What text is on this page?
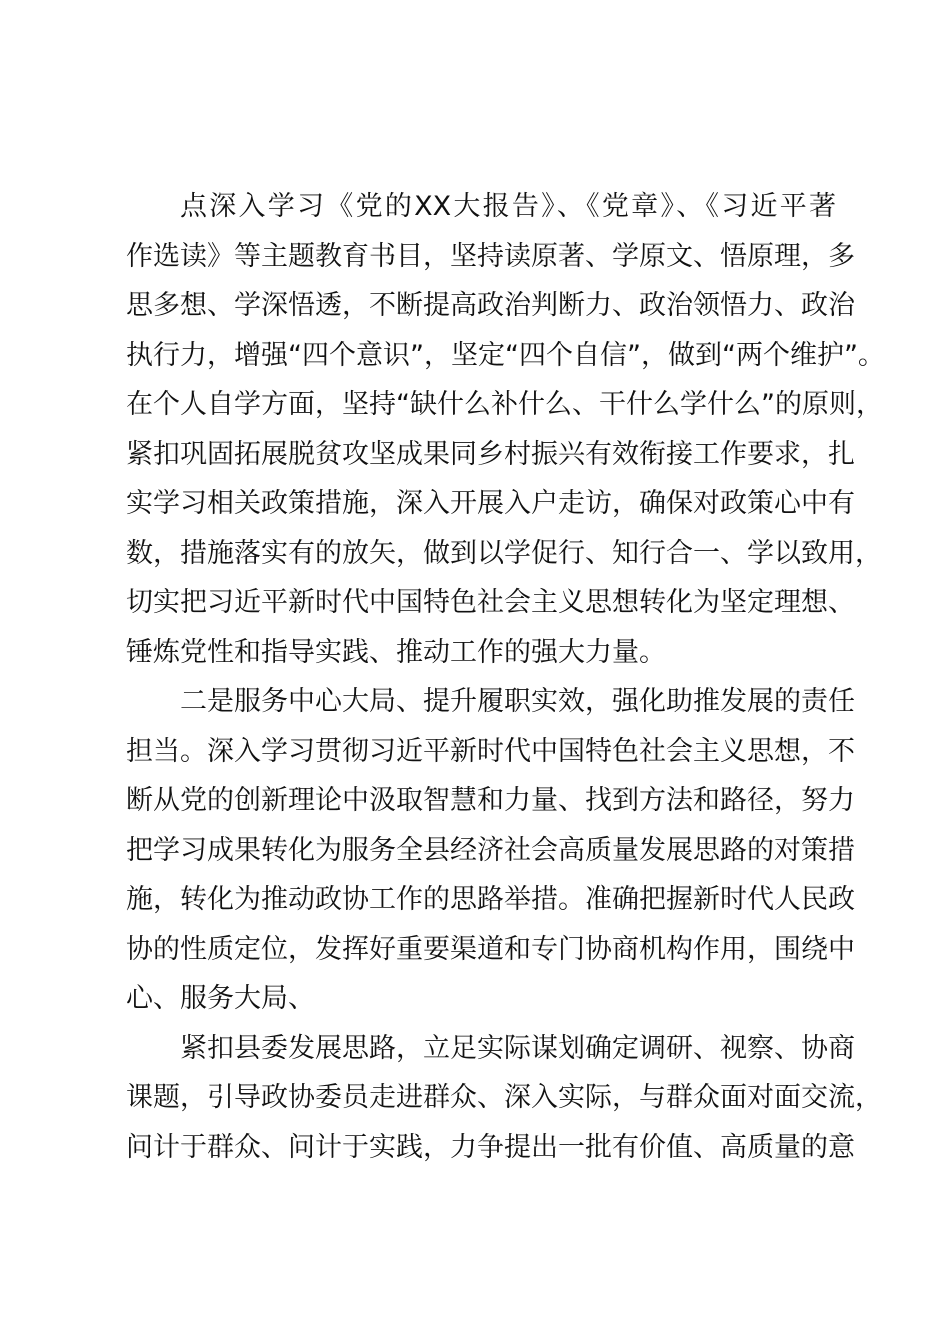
点深入学习《党的XX大报告》、《党章》、《习近平著
作选读》等主题教育书目，坚持读原著、学原文、悟原理，多
思多想、学深悟透，不断提高政治判断力、政治领悟力、政治
执行力，增强“四个意识”，坚定“四个自信”，做到“两个维护”。
在个人自学方面，坚持“缺什么补什么、干什么学什么”的原则，
紧扣巩固拓展脱贫攻坚成果同乡村振兴有效衔接工作要求，扎
实学习相关政策措施，深入开展入户走访，确保对政策心中有
数，措施落实有的放矢，做到以学促行、知行合一、学以致用，
切实把习近平新时代中国特色社会主义思想转化为坚定理想、
锤炼党性和指导实践、推动工作的强大力量。
二是服务中心大局、提升履职实效，强化助推发展的责任
担当。深入学习贯彻习近平新时代中国特色社会主义思想，不
断从党的创新理论中汲取智慧和力量、找到方法和路径，努力
把学习成果转化为服务全县经济社会高质量发展思路的对策措
施，转化为推动政协工作的思路举措。准确把握新时代人民政
协的性质定位，发挥好重要渠道和专门协商机构作用，围绕中
心、服务大局、
紧扣县委发展思路，立足实际谋划确定调研、视察、协商
课题，引导政协委员走进群众、深入实际，与群众面对面交流，
问计于群众、问计于实践，力争提出一批有价值、高质量的意
